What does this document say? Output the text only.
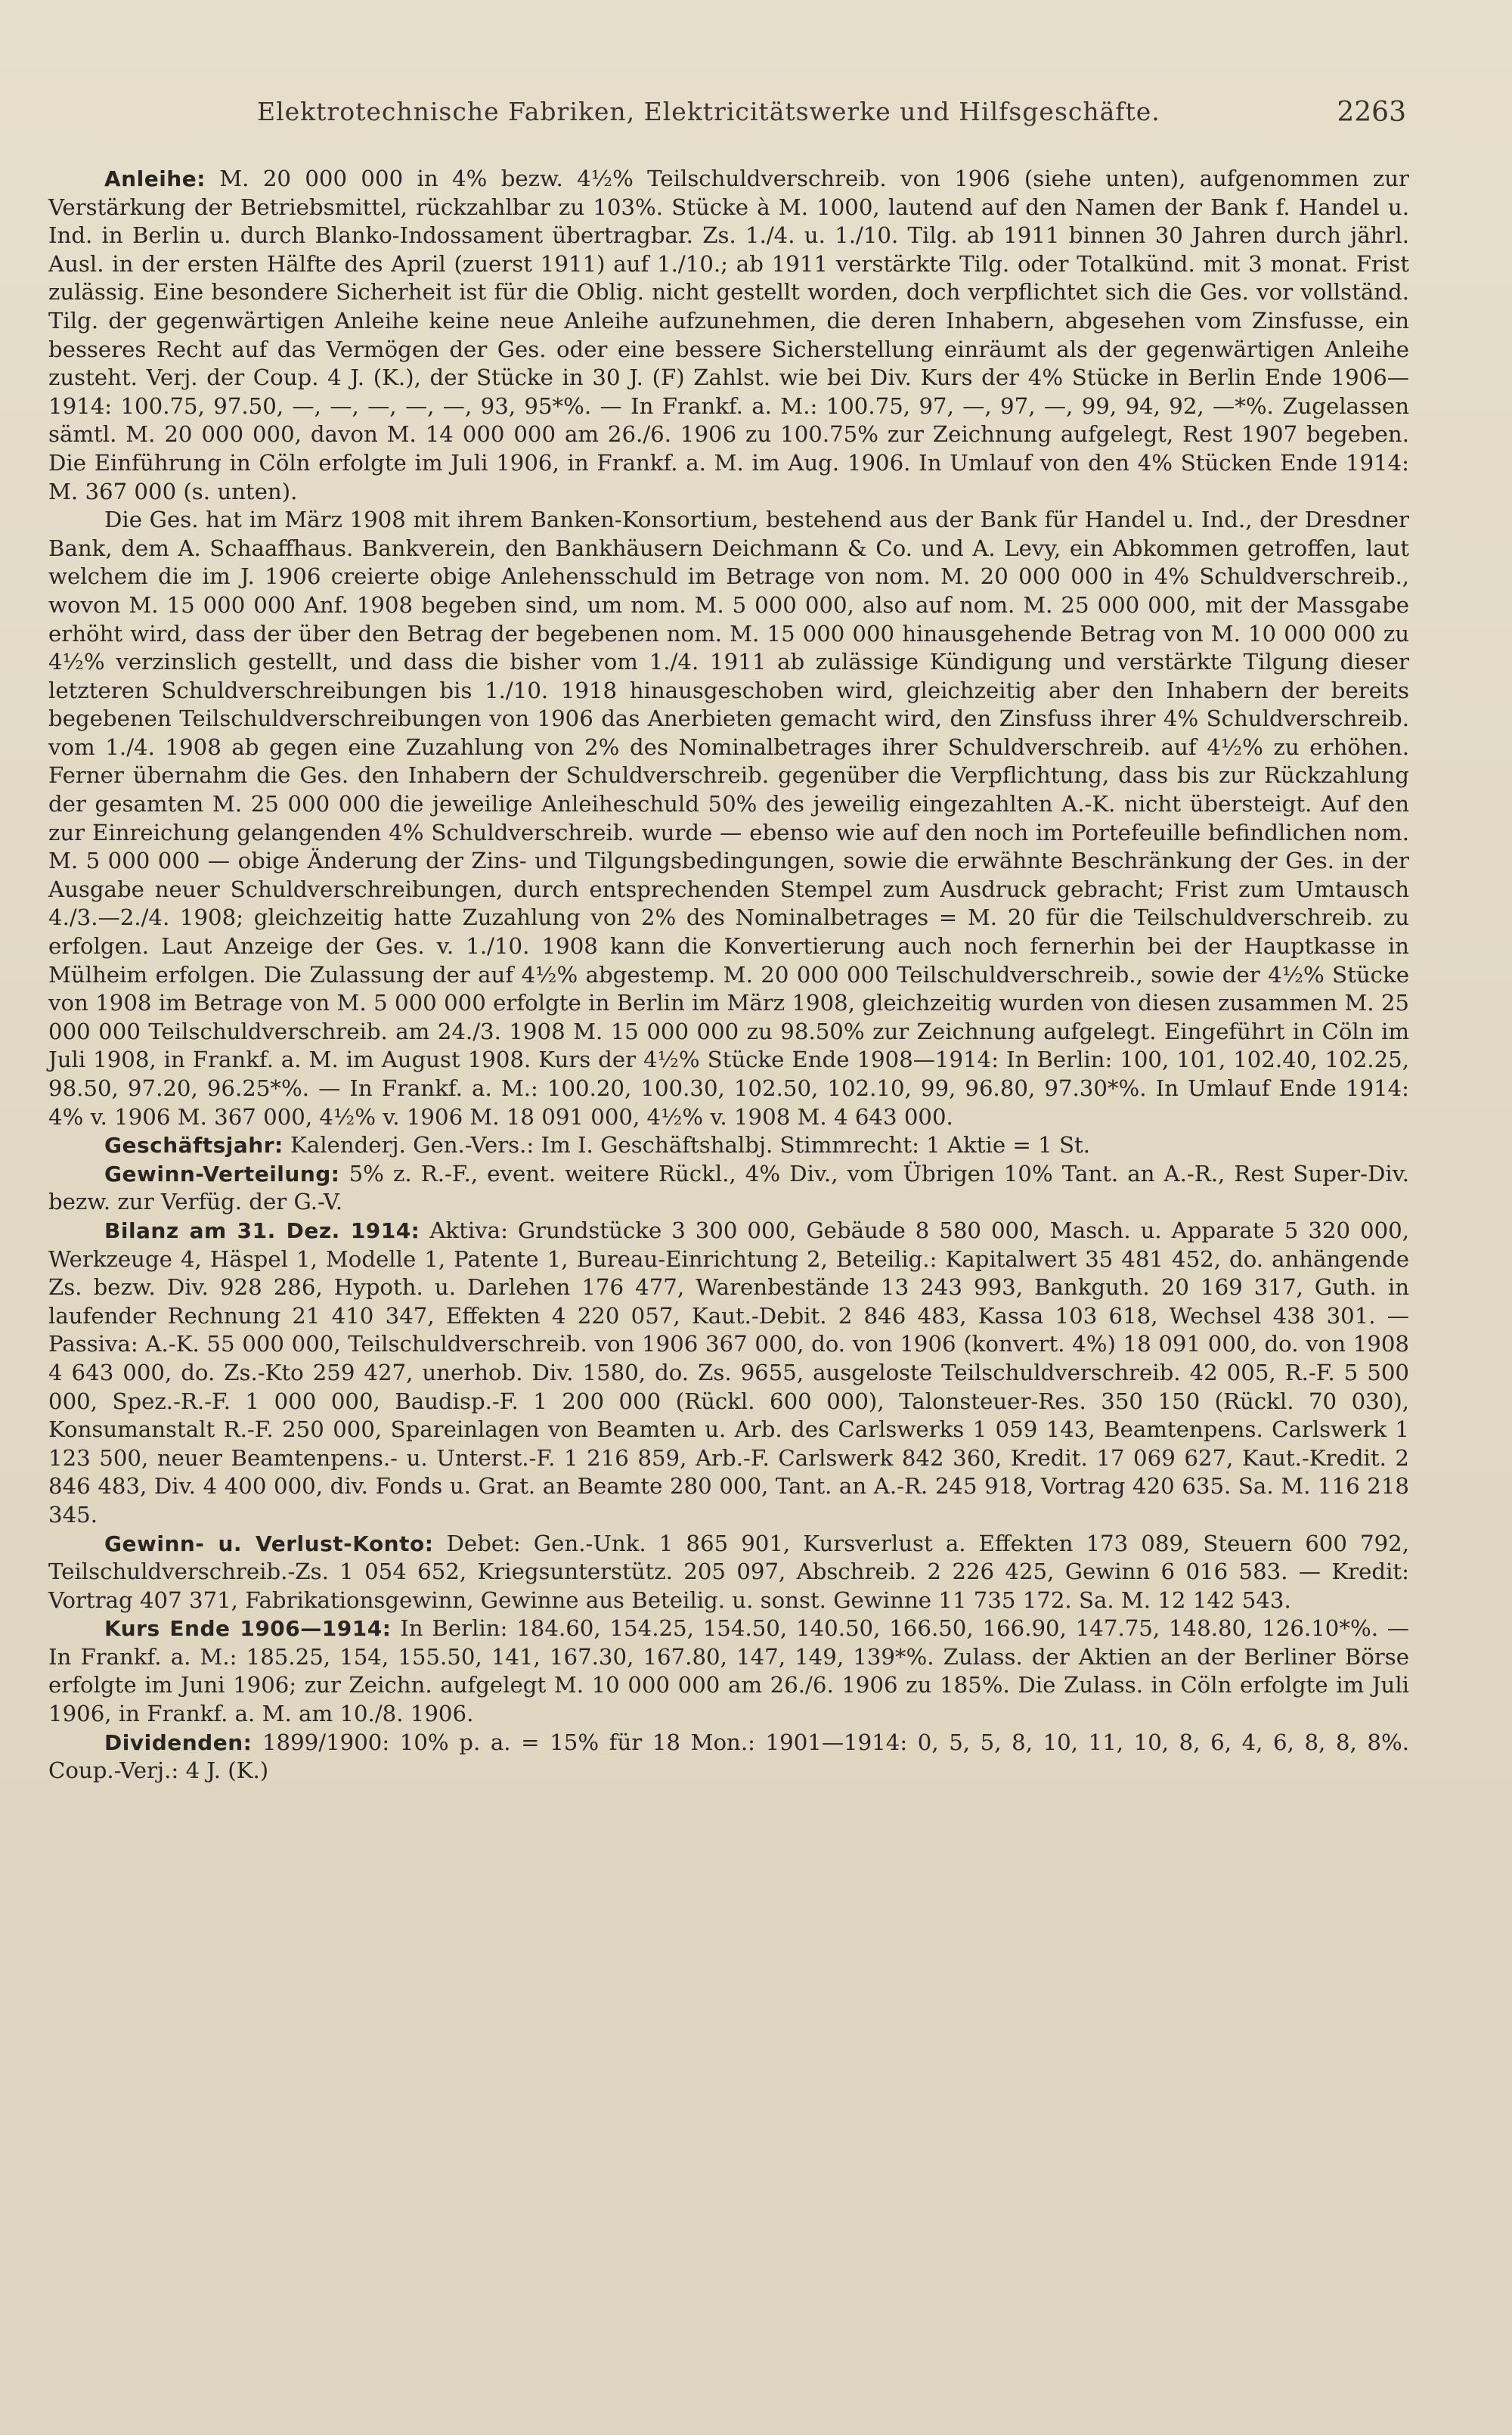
Elektrotechnische Fabriken, Elektricitätswerke und Hilfsgeschäfte.	2263

Anleihe: M. 20 000 000 in 4% bezw. 4½% Teilschuldverschreib. von 1906 (siehe unten), aufgenommen zur Verstärkung der Betriebsmittel, rückzahlbar zu 103%. Stücke à M. 1000, lautend auf den Namen der Bank f. Handel u. Ind. in Berlin u. durch Blanko-Indossament übertragbar. Zs. 1./4. u. 1./10. Tilg. ab 1911 binnen 30 Jahren durch jährl. Ausl. in der ersten Hälfte des April (zuerst 1911) auf 1./10.; ab 1911 verstärkte Tilg. oder Totalkünd. mit 3 monat. Frist zulässig. Eine besondere Sicherheit ist für die Oblig. nicht gestellt worden, doch verpflichtet sich die Ges. vor vollständ. Tilg. der gegenwärtigen Anleihe keine neue Anleihe aufzunehmen, die deren Inhabern, abgesehen vom Zinsfusse, ein besseres Recht auf das Vermögen der Ges. oder eine bessere Sicherstellung einräumt als der gegenwärtigen Anleihe zusteht. Verj. der Coup. 4 J. (K.), der Stücke in 30 J. (F) Zahlst. wie bei Div. Kurs der 4% Stücke in Berlin Ende 1906—1914: 100.75, 97.50, —, —, —, —, —, 93, 95*%. — In Frankf. a. M.: 100.75, 97, —, 97, —, 99, 94, 92, —*%. Zugelassen sämtl. M. 20 000 000, davon M. 14 000 000 am 26./6. 1906 zu 100.75% zur Zeichnung aufgelegt, Rest 1907 begeben. Die Einführung in Cöln erfolgte im Juli 1906, in Frankf. a. M. im Aug. 1906. In Umlauf von den 4% Stücken Ende 1914: M. 367 000 (s. unten).

Die Ges. hat im März 1908 mit ihrem Banken-Konsortium, bestehend aus der Bank für Handel u. Ind., der Dresdner Bank, dem A. Schaaffhaus. Bankverein, den Bankhäusern Deichmann & Co. und A. Levy, ein Abkommen getroffen, laut welchem die im J. 1906 creierte obige Anlehensschuld im Betrage von nom. M. 20 000 000 in 4% Schuldverschreib., wovon M. 15 000 000 Anf. 1908 begeben sind, um nom. M. 5 000 000, also auf nom. M. 25 000 000, mit der Massgabe erhöht wird, dass der über den Betrag der begebenen nom. M. 15 000 000 hinausgehende Betrag von M. 10 000 000 zu 4½% verzinslich gestellt, und dass die bisher vom 1./4. 1911 ab zulässige Kündigung und verstärkte Tilgung dieser letzteren Schuldverschreibungen bis 1./10. 1918 hinausgeschoben wird, gleichzeitig aber den Inhabern der bereits begebenen Teilschuldverschreibungen von 1906 das Anerbieten gemacht wird, den Zinsfuss ihrer 4% Schuldverschreib. vom 1./4. 1908 ab gegen eine Zuzahlung von 2% des Nominalbetrages ihrer Schuldverschreib. auf 4½% zu erhöhen. Ferner übernahm die Ges. den Inhabern der Schuldverschreib. gegenüber die Verpflichtung, dass bis zur Rückzahlung der gesamten M. 25 000 000 die jeweilige Anleiheschuld 50% des jeweilig eingezahlten A.-K. nicht übersteigt. Auf den zur Einreichung gelangenden 4% Schuldverschreib. wurde — ebenso wie auf den noch im Portefeuille befindlichen nom. M. 5 000 000 — obige Änderung der Zins- und Tilgungsbedingungen, sowie die erwähnte Beschränkung der Ges. in der Ausgabe neuer Schuldverschreibungen, durch entsprechenden Stempel zum Ausdruck gebracht; Frist zum Umtausch 4./3.—2./4. 1908; gleichzeitig hatte Zuzahlung von 2% des Nominalbetrages = M. 20 für die Teilschuldverschreib. zu erfolgen. Laut Anzeige der Ges. v. 1./10. 1908 kann die Konvertierung auch noch fernerhin bei der Hauptkasse in Mülheim erfolgen. Die Zulassung der auf 4½% abgestemp. M. 20 000 000 Teilschuldverschreib., sowie der 4½% Stücke von 1908 im Betrage von M. 5 000 000 erfolgte in Berlin im März 1908, gleichzeitig wurden von diesen zusammen M. 25 000 000 Teilschuldverschreib. am 24./3. 1908 M. 15 000 000 zu 98.50% zur Zeichnung aufgelegt. Eingeführt in Cöln im Juli 1908, in Frankf. a. M. im August 1908. Kurs der 4½% Stücke Ende 1908—1914: In Berlin: 100, 101, 102.40, 102.25, 98.50, 97.20, 96.25*%. — In Frankf. a. M.: 100.20, 100.30, 102.50, 102.10, 99, 96.80, 97.30*%. In Umlauf Ende 1914: 4% v. 1906 M. 367 000, 4½% v. 1906 M. 18 091 000, 4½% v. 1908 M. 4 643 000.

Geschäftsjahr: Kalenderj. Gen.-Vers.: Im I. Geschäftshalbj. Stimmrecht: 1 Aktie = 1 St.

Gewinn-Verteilung: 5% z. R.-F., event. weitere Rückl., 4% Div., vom Übrigen 10% Tant. an A.-R., Rest Super-Div. bezw. zur Verfüg. der G.-V.

Bilanz am 31. Dez. 1914: Aktiva: Grundstücke 3 300 000, Gebäude 8 580 000, Masch. u. Apparate 5 320 000, Werkzeuge 4, Häspel 1, Modelle 1, Patente 1, Bureau-Einrichtung 2, Beteilig.: Kapitalwert 35 481 452, do. anhängende Zs. bezw. Div. 928 286, Hypoth. u. Darlehen 176 477, Warenbestände 13 243 993, Bankguth. 20 169 317, Guth. in laufender Rechnung 21 410 347, Effekten 4 220 057, Kaut.-Debit. 2 846 483, Kassa 103 618, Wechsel 438 301. — Passiva: A.-K. 55 000 000, Teilschuldverschreib. von 1906 367 000, do. von 1906 (konvert. 4%) 18 091 000, do. von 1908 4 643 000, do. Zs.-Kto 259 427, unerhob. Div. 1580, do. Zs. 9655, ausgeloste Teilschuldverschreib. 42 005, R.-F. 5 500 000, Spez.-R.-F. 1 000 000, Baudisp.-F. 1 200 000 (Rückl. 600 000), Talonsteuer-Res. 350 150 (Rückl. 70 030), Konsumanstalt R.-F. 250 000, Spareinlagen von Beamten u. Arb. des Carlswerks 1 059 143, Beamtenpens. Carlswerk 1 123 500, neuer Beamtenpens.- u. Unterst.-F. 1 216 859, Arb.-F. Carlswerk 842 360, Kredit. 17 069 627, Kaut.-Kredit. 2 846 483, Div. 4 400 000, div. Fonds u. Grat. an Beamte 280 000, Tant. an A.-R. 245 918, Vortrag 420 635. Sa. M. 116 218 345.

Gewinn- u. Verlust-Konto: Debet: Gen.-Unk. 1 865 901, Kursverlust a. Effekten 173 089, Steuern 600 792, Teilschuldverschreib.-Zs. 1 054 652, Kriegsunterstütz. 205 097, Abschreib. 2 226 425, Gewinn 6 016 583. — Kredit: Vortrag 407 371, Fabrikationsgewinn, Gewinne aus Beteilig. u. sonst. Gewinne 11 735 172. Sa. M. 12 142 543.

Kurs Ende 1906—1914: In Berlin: 184.60, 154.25, 154.50, 140.50, 166.50, 166.90, 147.75, 148.80, 126.10*%. — In Frankf. a. M.: 185.25, 154, 155.50, 141, 167.30, 167.80, 147, 149, 139*%. Zulass. der Aktien an der Berliner Börse erfolgte im Juni 1906; zur Zeichn. aufgelegt M. 10 000 000 am 26./6. 1906 zu 185%. Die Zulass. in Cöln erfolgte im Juli 1906, in Frankf. a. M. am 10./8. 1906.

Dividenden: 1899/1900: 10% p. a. = 15% für 18 Mon.: 1901—1914: 0, 5, 5, 8, 10, 11, 10, 8, 6, 4, 6, 8, 8, 8%. Coup.-Verj.: 4 J. (K.)
